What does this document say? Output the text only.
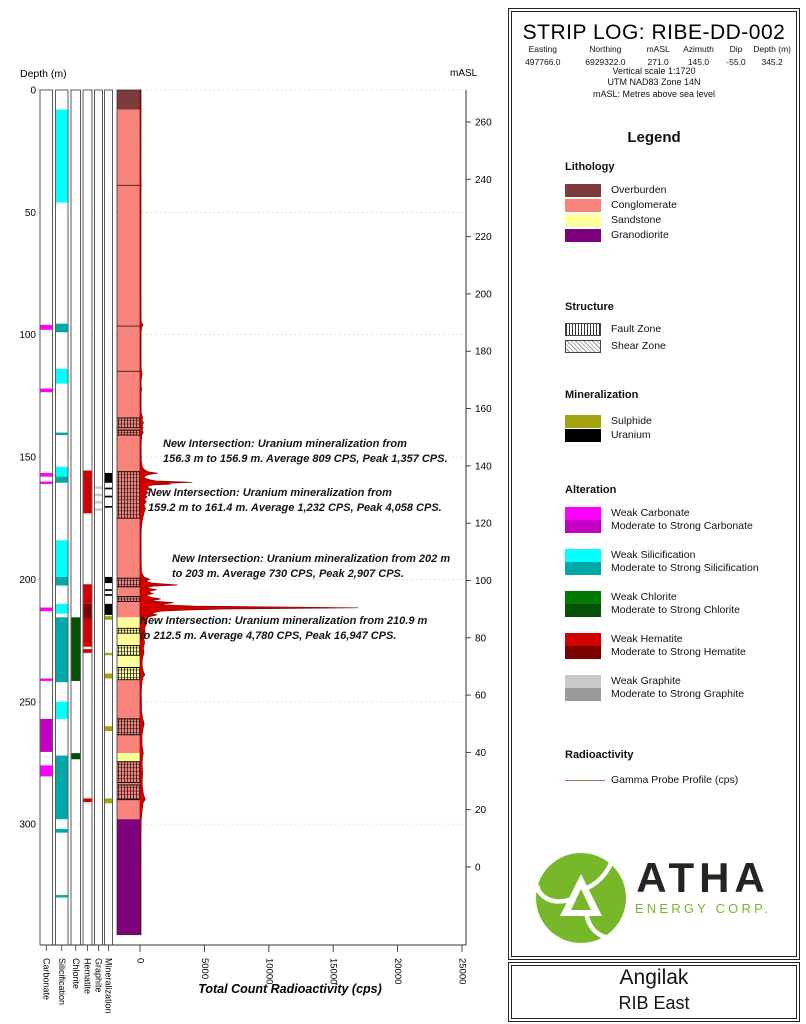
Depth (m)	mASL
0
50
100
150
200
250
300
260
240
220
200
180
160
140
120
100
80
60
40
20
0
Carbonate Silicification Chlorite Hematite Graphite Mineralization 0	5000	10000	15000	20000	25000
Total Count Radioactivity (cps)
New Intersection: Uranium mineralization from
156.3 m to 156.9 m. Average 809 CPS, Peak 1,357 CPS.
New Intersection: Uranium mineralization from
159.2 m to 161.4 m. Average 1,232 CPS, Peak 4,058 CPS.
New Intersection: Uranium mineralization from 202 m
to 203 m. Average 730 CPS, Peak 2,907 CPS.
New Intersection: Uranium mineralization from 210.9 m
to 212.5 m. Average 4,780 CPS, Peak 16,947 CPS.
STRIP LOG: RIBE-DD-002
Easting
497766.0
Northing
6929322.0
mASL
271.0
Azimuth
145.0
Dip
-55.0
Depth (m)
345.2
Vertical scale 1:1720
UTM NAD83 Zone 14N
mASL: Metres above sea level
Legend
Lithology
Overburden
Conglomerate
Sandstone
Granodiorite
Structure
Fault Zone
Shear Zone
Mineralization
Sulphide
Uranium
Alteration
Weak Carbonate
Moderate to Strong Carbonate
Weak Silicification
Moderate to Strong Silicification
Weak Chlorite
Moderate to Strong Chlorite
Weak Hematite
Moderate to Strong Hematite
Weak Graphite
Moderate to Strong Graphite
Radioactivity
Gamma Probe Profile (cps)
ATHA
ENERGY CORP.
Angilak
RIB East
